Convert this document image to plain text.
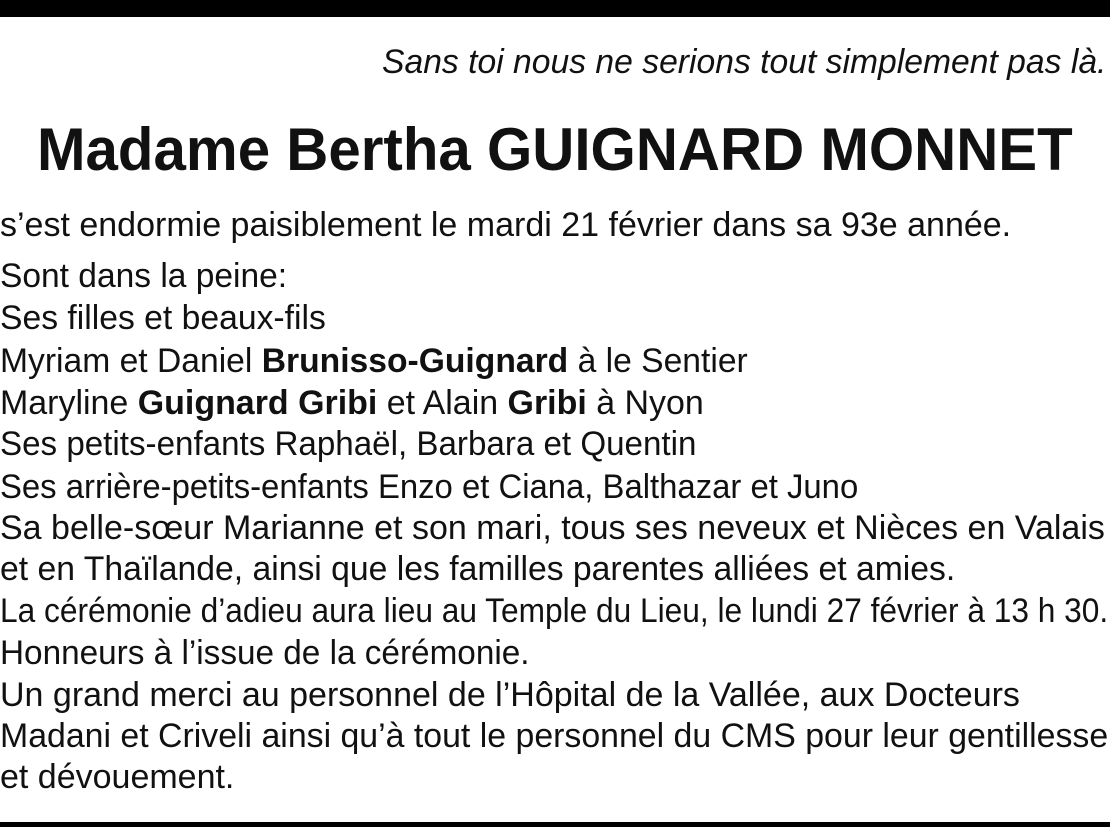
Sans toi nous ne serions tout simplement pas là.
Madame Bertha GUIGNARD MONNET
s’est endormie paisiblement le mardi 21 février dans sa 93e année.
Sont dans la peine:
Ses filles et beaux-fils
Myriam et Daniel Brunisso-Guignard à le Sentier
Maryline Guignard Gribi et Alain Gribi à Nyon
Ses petits-enfants Raphaël, Barbara et Quentin
Ses arrière-petits-enfants Enzo et Ciana, Balthazar et Juno
Sa belle-sœur Marianne et son mari, tous ses neveux et Nièces en Valais
et en Thaïlande, ainsi que les familles parentes alliées et amies.
La cérémonie d’adieu aura lieu au Temple du Lieu, le lundi 27 février à 13 h 30.
Honneurs à l’issue de la cérémonie.
Un grand merci au personnel de l’Hôpital de la Vallée, aux Docteurs
Madani et Criveli ainsi qu’à tout le personnel du CMS pour leur gentillesse
et dévouement.
